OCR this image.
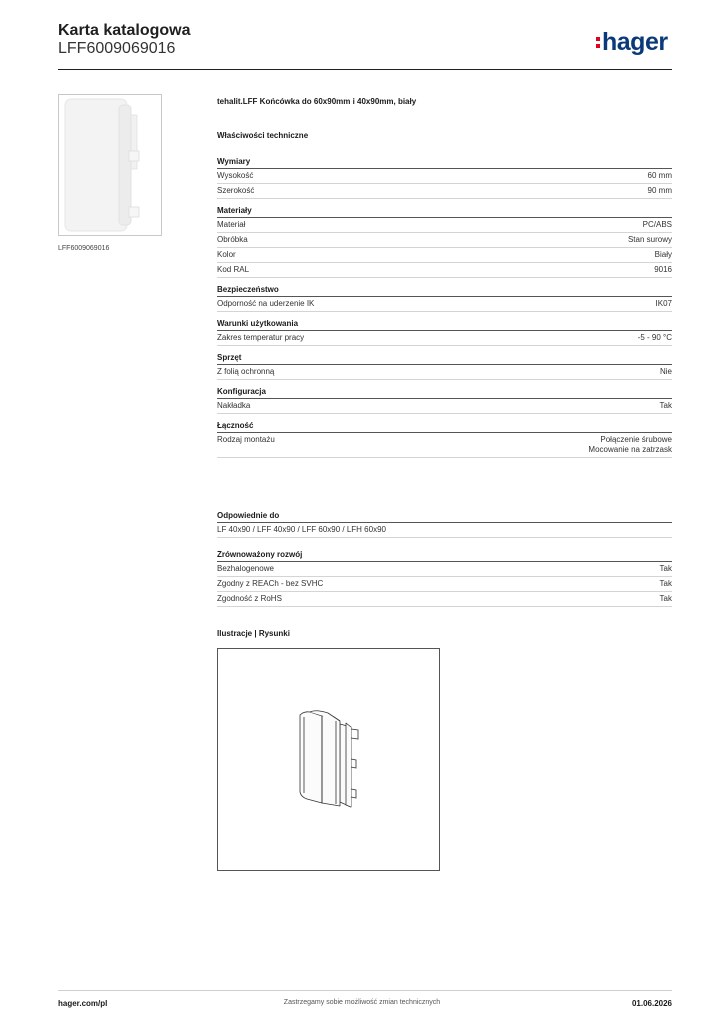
Karta katalogowa
LFF6009069016	hager
LFF6009069016
tehalit.LFF Końcówka do 60x90mm i 40x90mm, biały
Właściwości techniczne
Wymiary
Wysokość	60 mm
Szerokość	90 mm
Materiały
Materiał	PC/ABS
Obróbka	Stan surowy
Kolor	Biały
Kod RAL	9016
Bezpieczeństwo
Odporność na uderzenie IK	IK07
Warunki użytkowania
Zakres temperatur pracy	-5 - 90 °C
Sprzęt
Z folią ochronną	Nie
Konfiguracja
Nakładka	Tak
Łączność
Rodzaj montażu	Połączenie śrubowe
Mocowanie na zatrzask
Odpowiednie do
LF 40x90 / LFF 40x90 / LFF 60x90 / LFH 60x90
Zrównoważony rozwój
Bezhalogenowe	Tak
Zgodny z REACh - bez SVHC	Tak
Zgodność z RoHS	Tak
Ilustracje | Rysunki
hager.com/pl	Zastrzegamy sobie możliwość zmian technicznych	01.06.2026
